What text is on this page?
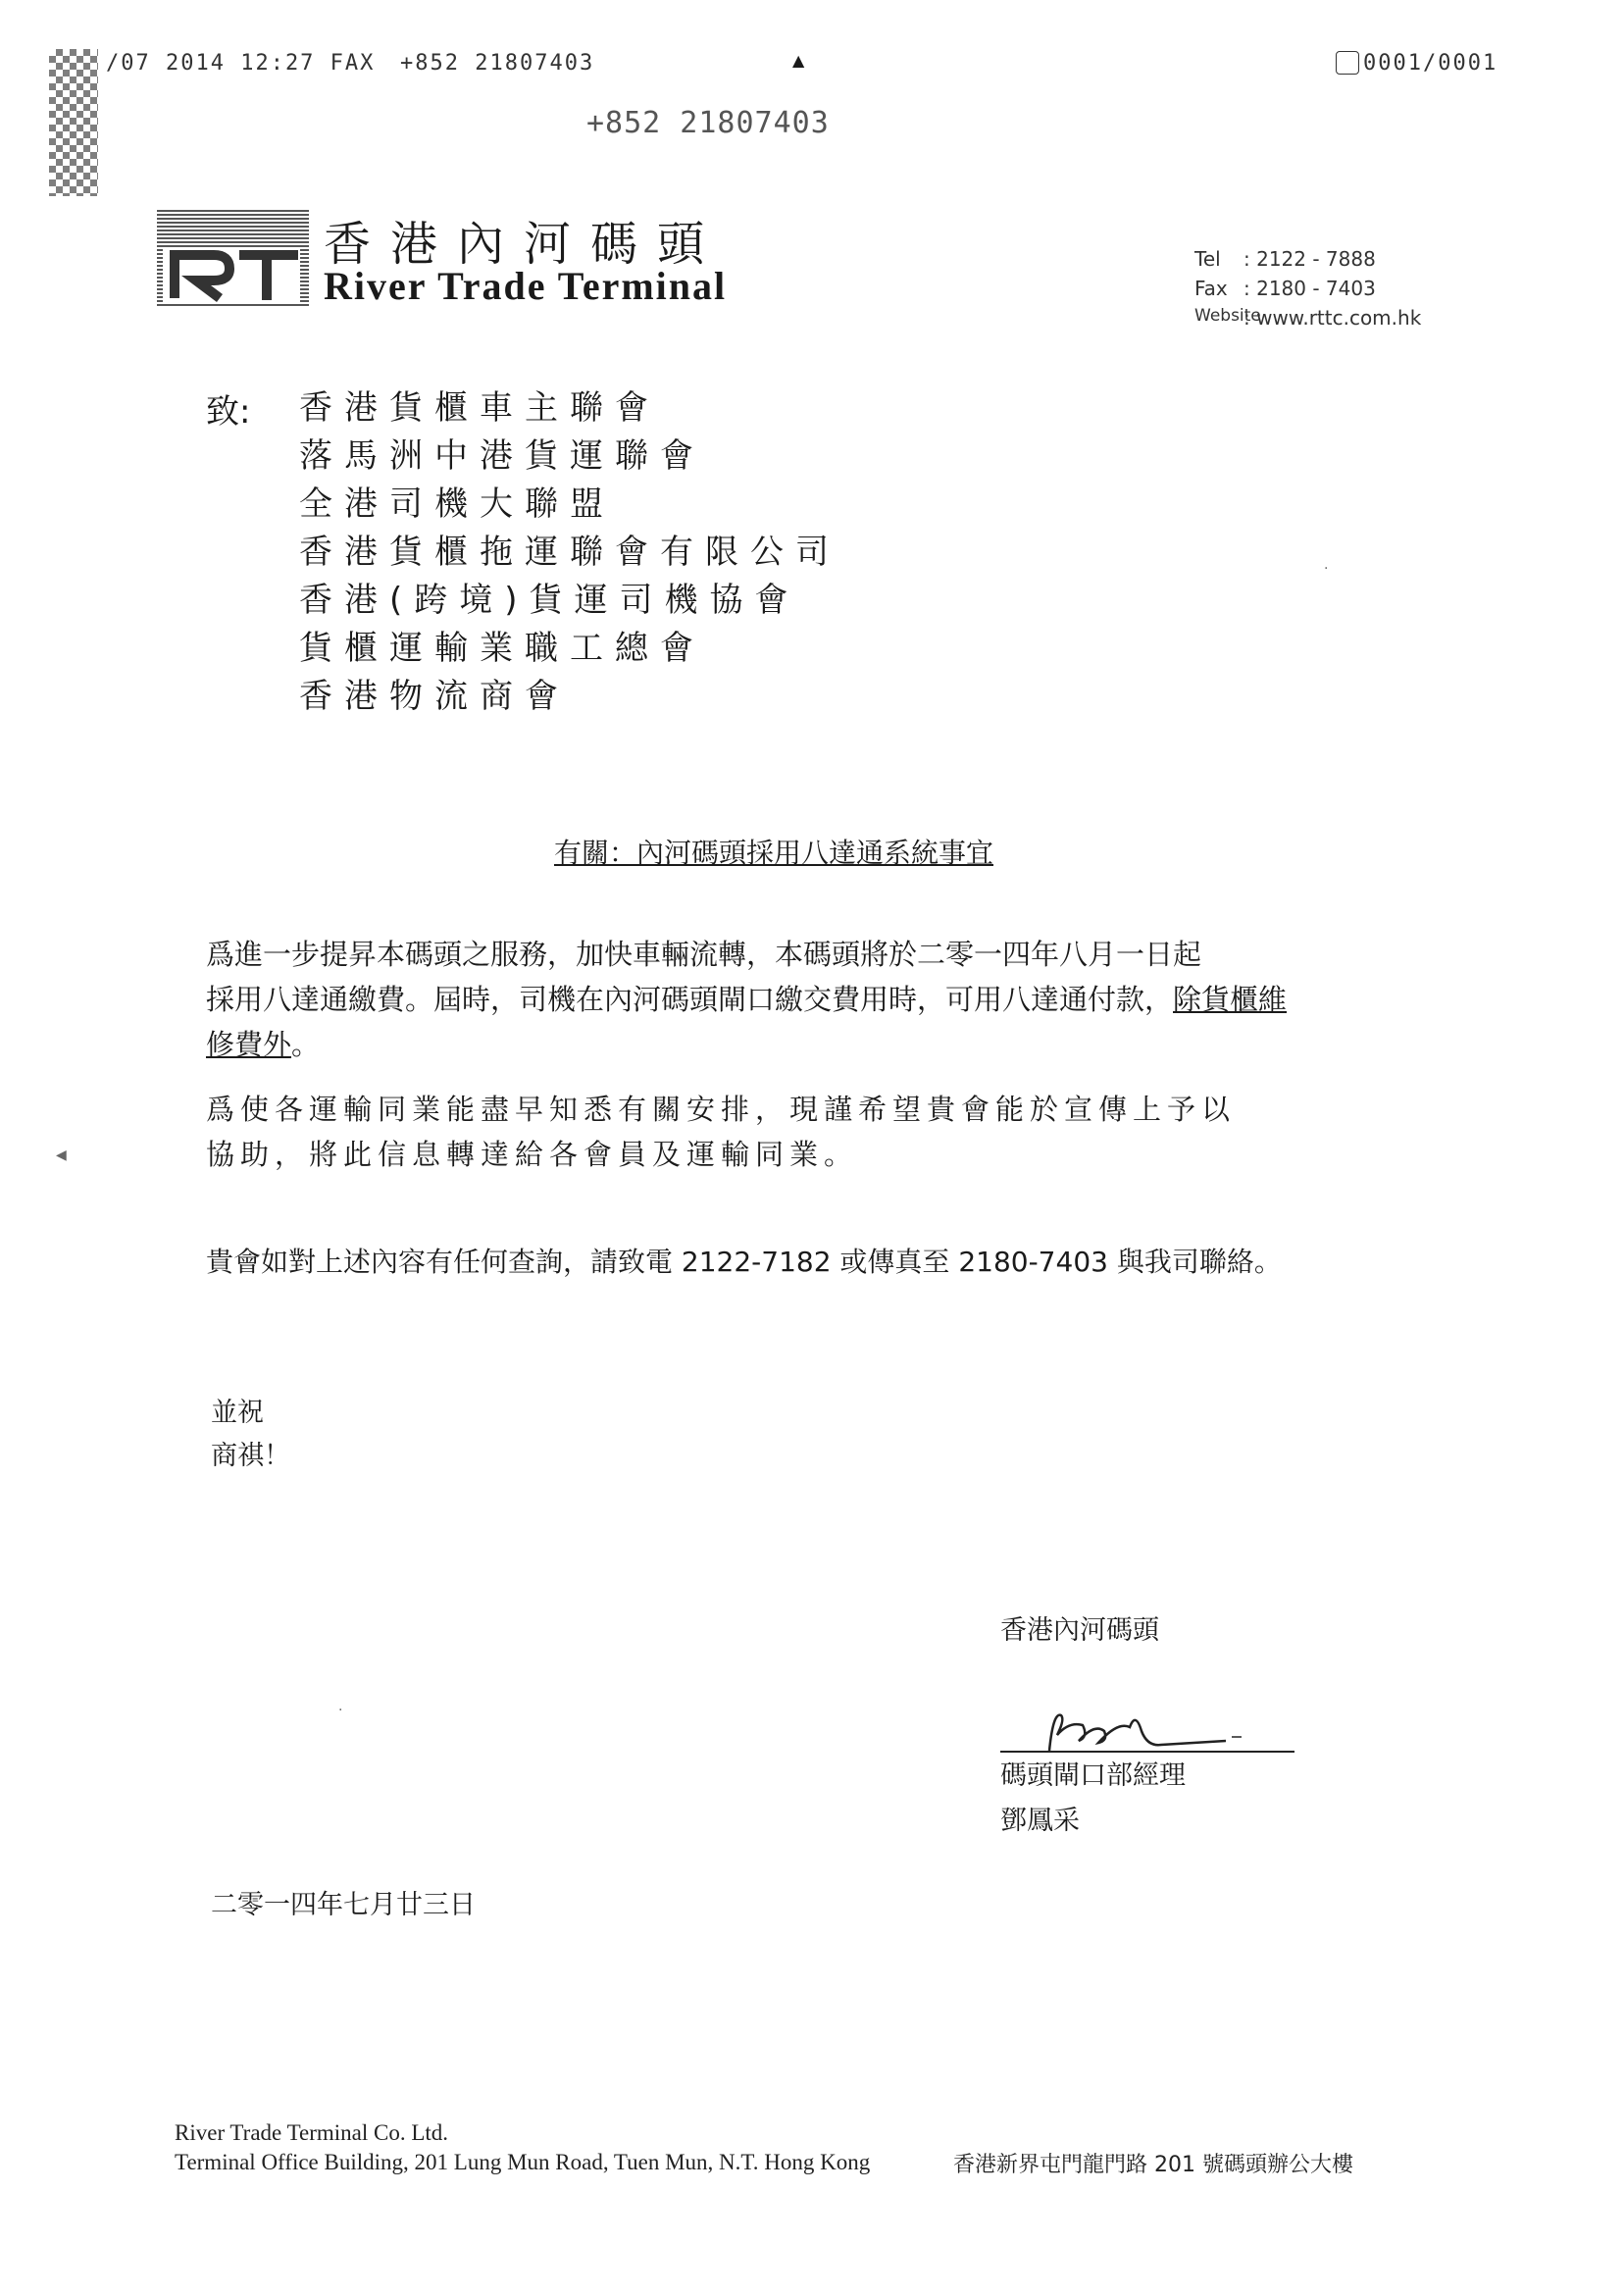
/07 2014 12:27 FAX +852 21807403	▲	0001/0001
+852 21807403
香港內河碼頭
River Trade Terminal
Tel : 2122 - 7888
Fax : 2180 - 7403
Website
: www.rttc.com.hk
致: 香港貨櫃車主聯會
落馬洲中港貨運聯會
全港司機大聯盟
香港貨櫃拖運聯會有限公司
香港(跨境)貨運司機協會
貨櫃運輸業職工總會
香港物流商會
有關：內河碼頭採用八達通系統事宜

爲進一步提昇本碼頭之服務，加快車輛流轉，本碼頭將於二零一四年八月一日起

採用八達通繳費。屆時，司機在內河碼頭閘口繳交費用時，可用八達通付款，除貨櫃維

修費外。

爲使各運輸同業能盡早知悉有關安排，現謹希望貴會能於宣傳上予以

協助，將此信息轉達給各會員及運輸同業。

貴會如對上述內容有任何查詢，請致電 2122-7182 或傳真至 2180-7403 與我司聯絡。

並祝
商祺！
香港內河碼頭
碼頭閘口部經理
鄧鳳采
二零一四年七月廿三日
River Trade Terminal Co. Ltd.
Terminal Office Building, 201 Lung Mun Road, Tuen Mun, N.T. Hong Kong	香港新界屯門龍門路 201 號碼頭辦公大樓
◀
·
·
